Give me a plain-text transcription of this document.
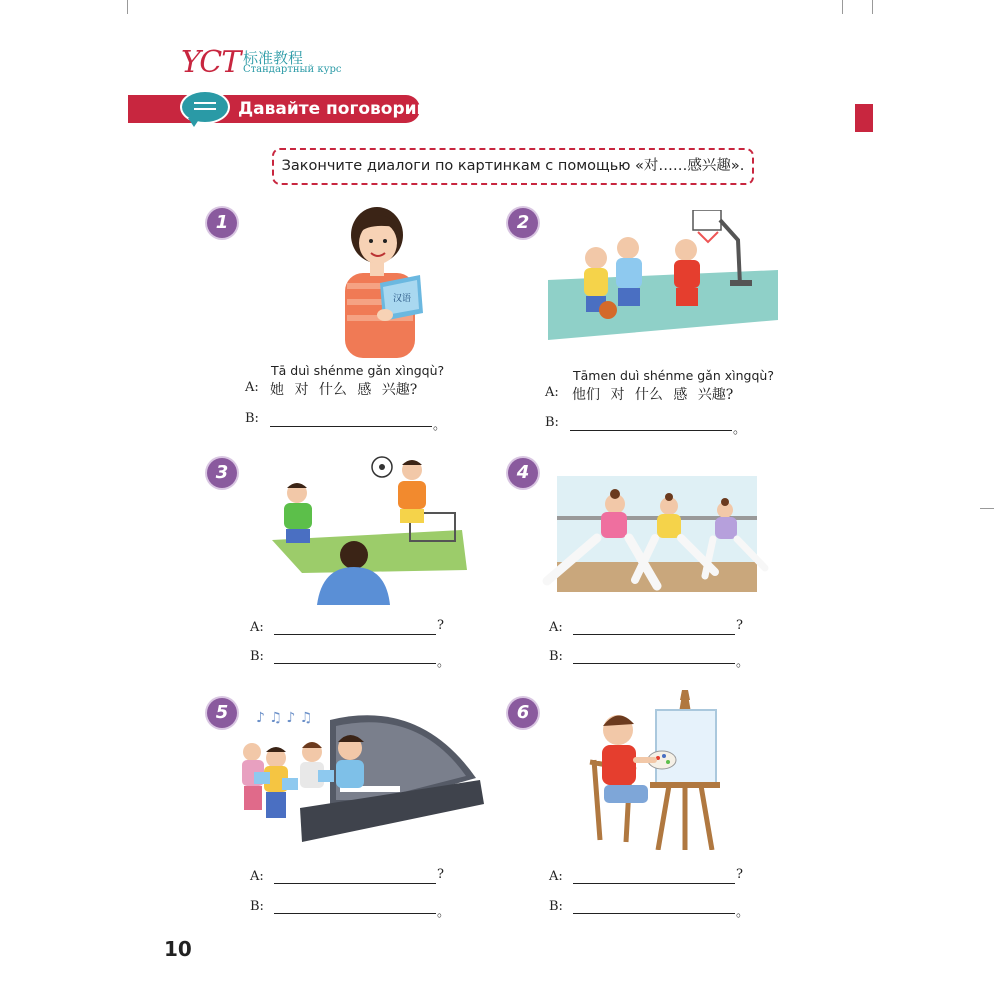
YCT 标准教程
Стандартный курс
Давайте поговорим!
Закончите диалоги по картинкам с помощью «对……感兴趣».
1
汉语
Tā duì shénme gǎn xìngqù?
A: 她 对 什么 感 兴趣?
B:	。
2
Tāmen duì shénme gǎn xìngqù?
A: 他们 对 什么 感 兴趣?
B:	。
3
A:	?
B:	。
4
A:	?
B:	。
5	♪ ♫ ♪ ♫
A:	?
B:	。
6
A:	?
B:	。
10
